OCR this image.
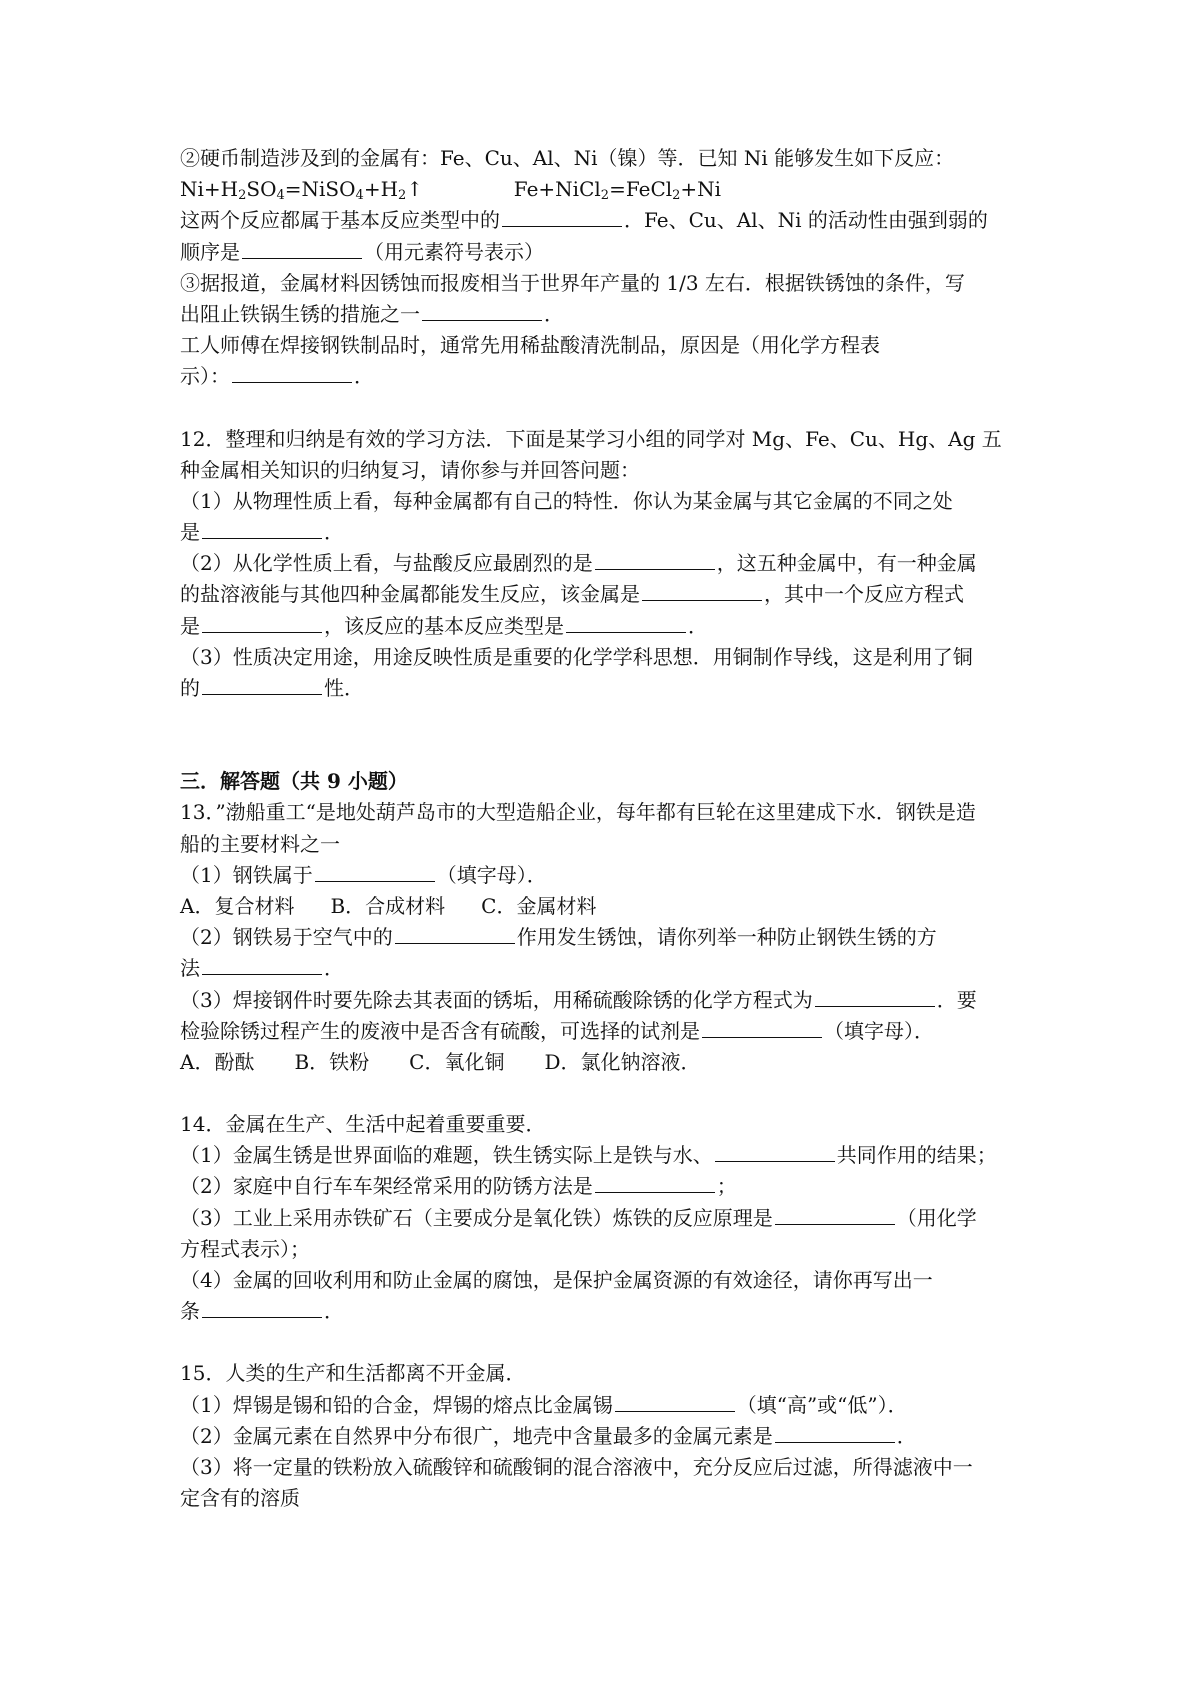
②硬币制造涉及到的金属有：Fe、Cu、Al、Ni（镍）等．已知 Ni 能够发生如下反应：
$Ni+H_2SO_4=NiSO_4+H_2↑$	Fe+NiCl$_2$=FeCl$_2$+Ni
这两个反应都属于基本反应类型中的	．Fe、Cu、Al、Ni 的活动性由强到弱的
顺序是	（用元素符号表示）
③据报道，金属材料因锈蚀而报废相当于世界年产量的 1/3 左右．根据铁锈蚀的条件，写
出阻止铁锅生锈的措施之一	．
工人师傅在焊接钢铁制品时，通常先用稀盐酸清洗制品，原因是（用化学方程表
示）：	．
12．整理和归纳是有效的学习方法．下面是某学习小组的同学对 Mg、Fe、Cu、Hg、Ag 五
种金属相关知识的归纳复习，请你参与并回答问题：
（1）从物理性质上看，每种金属都有自己的特性．你认为某金属与其它金属的不同之处
是	．
（2）从化学性质上看，与盐酸反应最剧烈的是	，这五种金属中，有一种金属
的盐溶液能与其他四种金属都能发生反应，该金属是	，其中一个反应方程式
是	，该反应的基本反应类型是	．
（3）性质决定用途，用途反映性质是重要的化学学科思想．用铜制作导线，这是利用了铜
的	性．
三．解答题（共 9 小题）
13．”渤船重工“是地处葫芦岛市的大型造船企业，每年都有巨轮在这里建成下水．钢铁是造
船的主要材料之一
（1）钢铁属于	（填字母）．
A．复合材料 B．合成材料 C．金属材料
（2）钢铁易于空气中的	作用发生锈蚀，请你列举一种防止钢铁生锈的方
法	．
（3）焊接钢件时要先除去其表面的锈垢，用稀硫酸除锈的化学方程式为	．要
检验除锈过程产生的废液中是否含有硫酸，可选择的试剂是	（填字母）．
A．酚酞 B．铁粉 C．氧化铜 D．氯化钠溶液．
14．金属在生产、生活中起着重要重要．
（1）金属生锈是世界面临的难题，铁生锈实际上是铁与水、	共同作用的结果；
（2）家庭中自行车车架经常采用的防锈方法是	；
（3）工业上采用赤铁矿石（主要成分是氧化铁）炼铁的反应原理是	（用化学
方程式表示）；
（4）金属的回收利用和防止金属的腐蚀，是保护金属资源的有效途径，请你再写出一
条	．
15．人类的生产和生活都离不开金属．
（1）焊锡是锡和铅的合金，焊锡的熔点比金属锡	（填“高”或“低”）．
（2）金属元素在自然界中分布很广，地壳中含量最多的金属元素是	．
（3）将一定量的铁粉放入硫酸锌和硫酸铜的混合溶液中，充分反应后过滤，所得滤液中一
定含有的溶质
